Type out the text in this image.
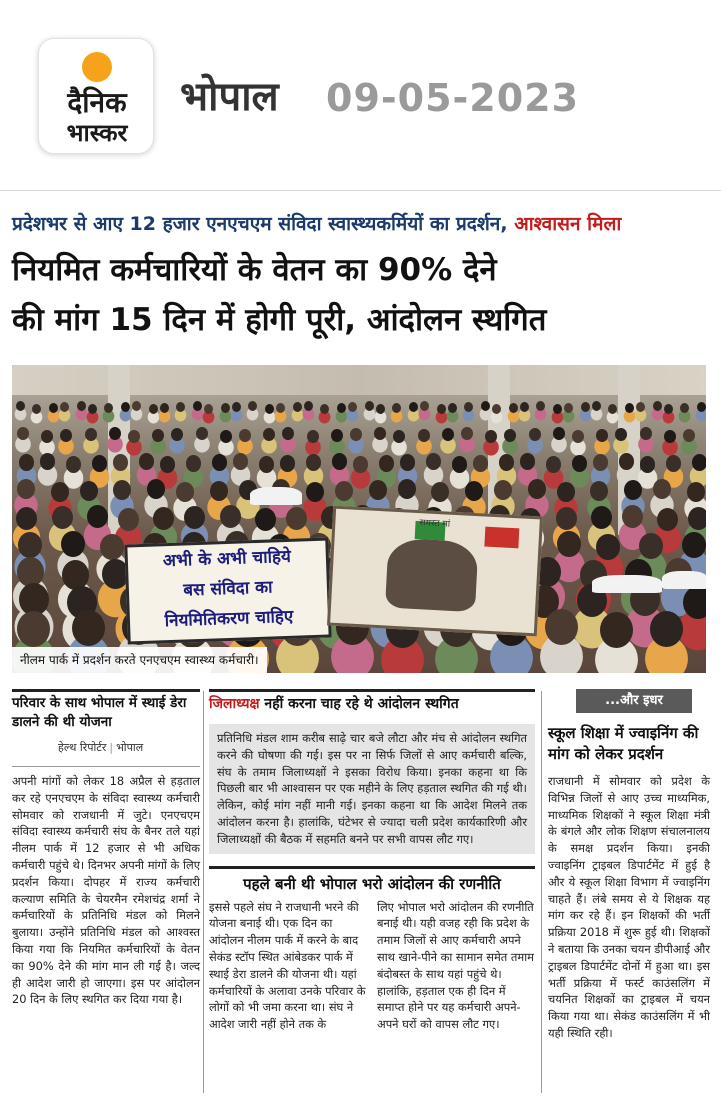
दैनिक
भास्कर
भोपाल 09-05-2023
प्रदेशभर से आए 12 हजार एनएचएम संविदा स्वास्थ्यकर्मियों का प्रदर्शन, आश्वासन मिला
नियमित कर्मचारियों के वेतन का 90% देने
की मांग 15 दिन में होगी पूरी, आंदोलन स्थगित
अभी के अभी चाहिये
बस संविदा का
नियमितिकरण चाहिए
समस्त मां
नीलम पार्क में प्रदर्शन करते एनएचएम स्वास्थ्य कर्मचारी।
परिवार के साथ भोपाल में स्थाई डेरा डालने की थी योजना
हेल्थ रिपोर्टर | भोपाल
अपनी मांगों को लेकर 18 अप्रैल से हड़ताल कर रहे एनएचएम के संविदा स्वास्थ्य कर्मचारी सोमवार को राजधानी में जुटे। एनएचएम संविदा स्वास्थ्य कर्मचारी संघ के बैनर तले यहां नीलम पार्क में 12 हजार से भी अधिक कर्मचारी पहुंचे थे। दिनभर अपनी मांगों के लिए प्रदर्शन किया। दोपहर में राज्य कर्मचारी कल्याण समिति के चेयरमैन रमेशचंद्र शर्मा ने कर्मचारियों के प्रतिनिधि मंडल को मिलने बुलाया। उन्होंने प्रतिनिधि मंडल को आश्वस्त किया गया कि नियमित कर्मचारियों के वेतन का 90% देने की मांग मान ली गई है। जल्द ही आदेश जारी हो जाएगा। इस पर आंदोलन 20 दिन के लिए स्थगित कर दिया गया है।
जिलाध्यक्ष नहीं करना चाह रहे थे आंदोलन स्थगित
प्रतिनिधि मंडल शाम करीब साढ़े चार बजे लौटा और मंच से आंदोलन स्थगित करने की घोषणा की गई। इस पर ना सिर्फ जिलों से आए कर्मचारी बल्कि, संघ के तमाम जिलाध्यक्षों ने इसका विरोध किया। इनका कहना था कि पिछली बार भी आश्वासन पर एक महीने के लिए हड़ताल स्थगित की गई थी। लेकिन, कोई मांग नहीं मानी गई। इनका कहना था कि आदेश मिलने तक आंदोलन करना है। हालांकि, घंटेभर से ज्यादा चली प्रदेश कार्यकारिणी और जिलाध्यक्षों की बैठक में सहमति बनने पर सभी वापस लौट गए।
पहले बनी थी भोपाल भरो आंदोलन की रणनीति
इससे पहले संघ ने राजधानी भरने की योजना बनाई थी। एक दिन का आंदोलन नीलम पार्क में करने के बाद सेकंड स्टॉप स्थित आंबेडकर पार्क में स्थाई डेरा डालने की योजना थी। यहां कर्मचारियों के अलावा उनके परिवार के लोगों को भी जमा करना था। संघ ने आदेश जारी नहीं होने तक के
लिए भोपाल भरो आंदोलन की रणनीति बनाई थी। यही वजह रही कि प्रदेश के तमाम जिलों से आए कर्मचारी अपने साथ खाने-पीने का सामान समेत तमाम बंदोबस्त के साथ यहां पहुंचे थे। हालांकि, हड़ताल एक ही दिन में समाप्त होने पर यह कर्मचारी अपने-अपने घरों को वापस लौट गए।
...और इधर
स्कूल शिक्षा में ज्वाइनिंग की मांग को लेकर प्रदर्शन
राजधानी में सोमवार को प्रदेश के विभिन्न जिलों से आए उच्च माध्यमिक, माध्यमिक शिक्षकों ने स्कूल शिक्षा मंत्री के बंगले और लोक शिक्षण संचालनालय के समक्ष प्रदर्शन किया। इनकी ज्वाइनिंग ट्राइबल डिपार्टमेंट में हुई है और ये स्कूल शिक्षा विभाग में ज्वाइनिंग चाहते हैं। लंबे समय से ये शिक्षक यह मांग कर रहे हैं। इन शिक्षकों की भर्ती प्रक्रिया 2018 में शुरू हुई थी। शिक्षकों ने बताया कि उनका चयन डीपीआई और ट्राइबल डिपार्टमेंट दोनों में हुआ था। इस भर्ती प्रक्रिया में फर्स्ट काउंसलिंग में चयनित शिक्षकों का ट्राइबल में चयन किया गया था। सेकंड काउंसलिंग में भी यही स्थिति रही।
